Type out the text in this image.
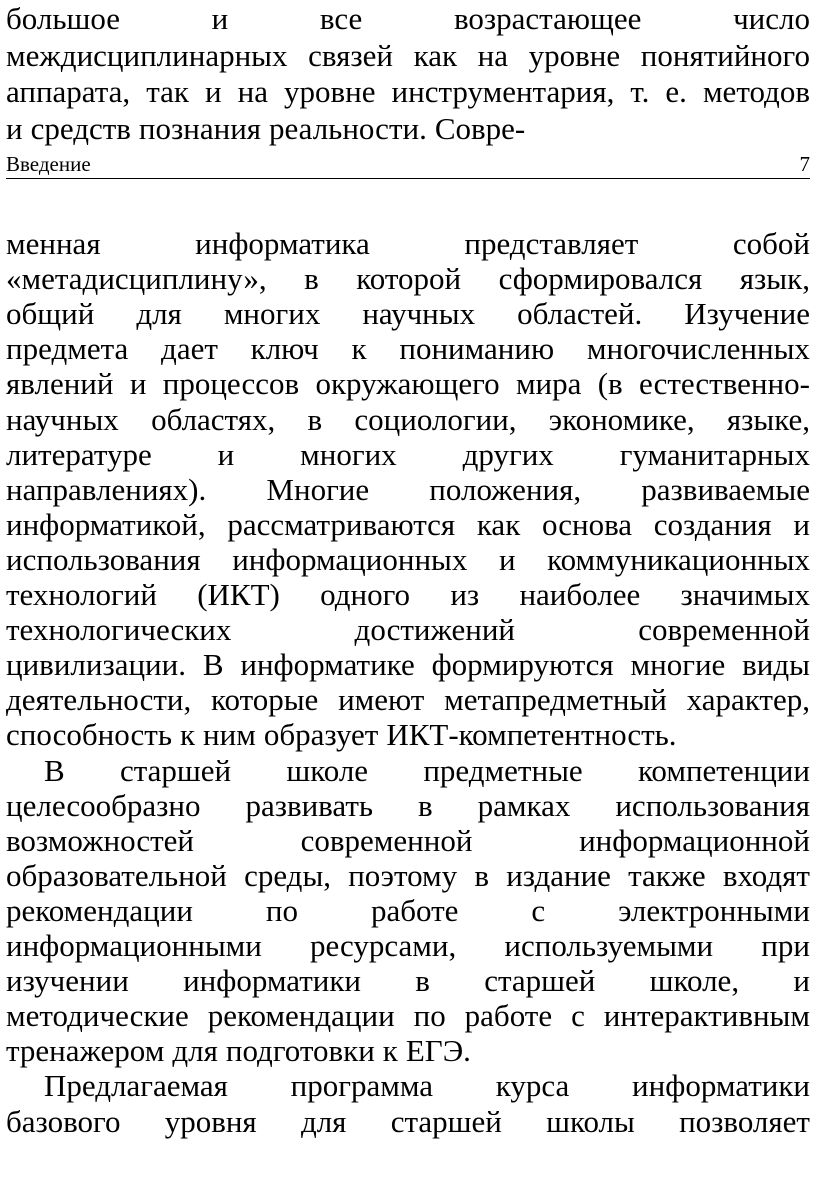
большое	и	все	возрастающее	число
междисциплинарных связей как на уровне понятийного
аппарата, так и на уровне инструментария, т. е. методов
и средств познания реальности. Совре-
Введение	7
менная	информатика	представляет	собой
«метадисциплину», в которой сформировался язык,
общий для многих научных областей. Изучение
предмета дает ключ к пониманию многочисленных
явлений и процессов окружающего мира (в естественно-
научных областях, в социологии, экономике, языке,
литературе и многих других гуманитарных
направлениях). Многие положения, развиваемые
информатикой, рассматриваются как основа создания и
использования информационных и коммуникационных
технологий (ИКТ) одного из наиболее значимых
технологических	достижений	современной
цивилизации. В информатике формируются многие виды
деятельности, которые имеют метапредметный характер,
способность к ним образует ИКТ-компетентность.
В старшей школе предметные компетенции
целесообразно развивать в рамках использования
возможностей	современной	информационной
образовательной среды, поэтому в издание также входят
рекомендации по работе с электронными
информационными ресурсами, используемыми при
изучении информатики в старшей школе, и
методические рекомендации по работе с интерактивным
тренажером для подготовки к ЕГЭ.
Предлагаемая программа курса информатики
базового уровня для старшей школы позволяет
